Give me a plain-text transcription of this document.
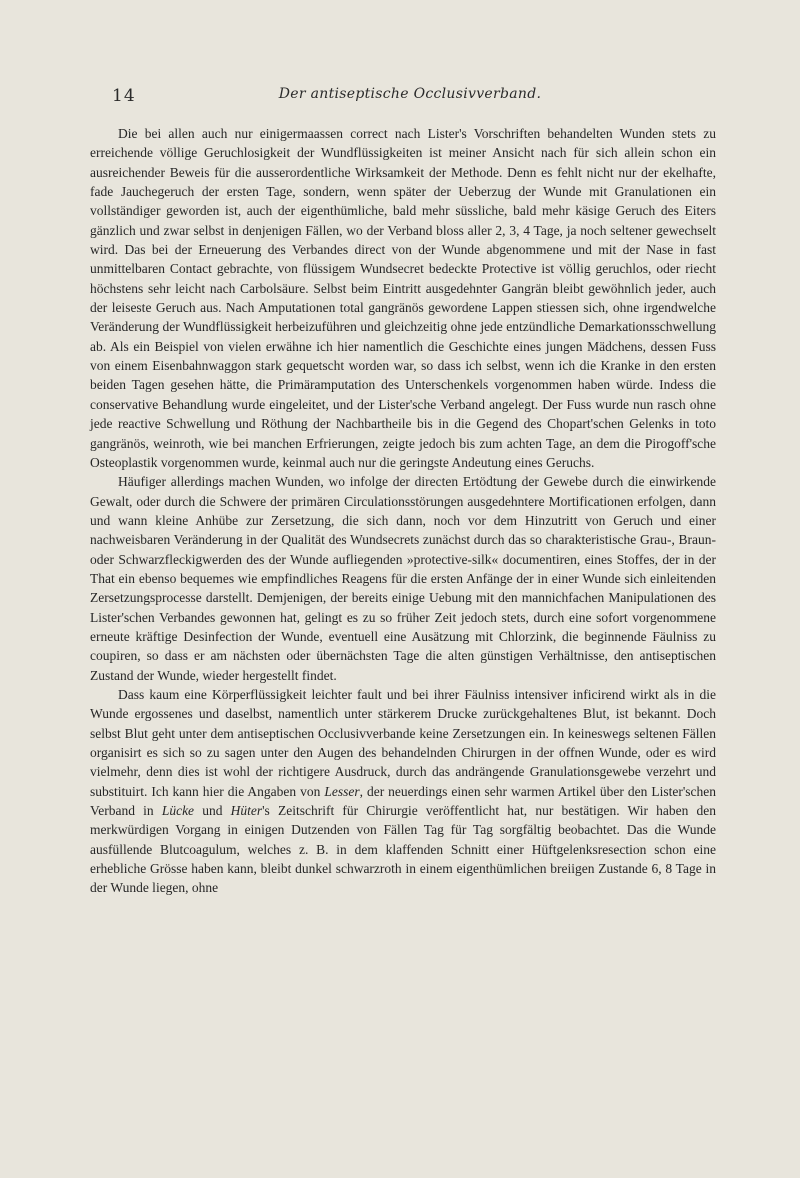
14	Der antiseptische Occlusivverband.

Die bei allen auch nur einigermaassen correct nach Lister's Vorschriften behandelten Wunden stets zu erreichende völlige Geruchlosigkeit der Wundflüssigkeiten ist meiner Ansicht nach für sich allein schon ein ausreichender Beweis für die ausserordentliche Wirksamkeit der Methode. Denn es fehlt nicht nur der ekelhafte, fade Jauchegeruch der ersten Tage, sondern, wenn später der Ueberzug der Wunde mit Granulationen ein vollständiger geworden ist, auch der eigenthümliche, bald mehr süssliche, bald mehr käsige Geruch des Eiters gänzlich und zwar selbst in denjenigen Fällen, wo der Verband bloss aller 2, 3, 4 Tage, ja noch seltener gewechselt wird. Das bei der Erneuerung des Verbandes direct von der Wunde abgenommene und mit der Nase in fast unmittelbaren Contact gebrachte, von flüssigem Wundsecret bedeckte Protective ist völlig geruchlos, oder riecht höchstens sehr leicht nach Carbolsäure. Selbst beim Eintritt ausgedehnter Gangrän bleibt gewöhnlich jeder, auch der leiseste Geruch aus. Nach Amputationen total gangränös gewordene Lappen stiessen sich, ohne irgendwelche Veränderung der Wundflüssigkeit herbeizuführen und gleichzeitig ohne jede entzündliche Demarkationsschwellung ab. Als ein Beispiel von vielen erwähne ich hier namentlich die Geschichte eines jungen Mädchens, dessen Fuss von einem Eisenbahnwaggon stark gequetscht worden war, so dass ich selbst, wenn ich die Kranke in den ersten beiden Tagen gesehen hätte, die Primäramputation des Unterschenkels vorgenommen haben würde. Indess die conservative Behandlung wurde eingeleitet, und der Lister'sche Verband angelegt. Der Fuss wurde nun rasch ohne jede reactive Schwellung und Röthung der Nachbartheile bis in die Gegend des Chopart'schen Gelenks in toto gangränös, weinroth, wie bei manchen Erfrierungen, zeigte jedoch bis zum achten Tage, an dem die Pirogoff'sche Osteoplastik vorgenommen wurde, keinmal auch nur die geringste Andeutung eines Geruchs.

Häufiger allerdings machen Wunden, wo infolge der directen Ertödtung der Gewebe durch die einwirkende Gewalt, oder durch die Schwere der primären Circulationsstörungen ausgedehntere Mortificationen erfolgen, dann und wann kleine Anhübe zur Zersetzung, die sich dann, noch vor dem Hinzutritt von Geruch und einer nachweisbaren Veränderung in der Qualität des Wundsecrets zunächst durch das so charakteristische Grau-, Braun- oder Schwarzfleckigwerden des der Wunde aufliegenden »protective-silk« documentiren, eines Stoffes, der in der That ein ebenso bequemes wie empfindliches Reagens für die ersten Anfänge der in einer Wunde sich einleitenden Zersetzungsprocesse darstellt. Demjenigen, der bereits einige Uebung mit den mannichfachen Manipulationen des Lister'schen Verbandes gewonnen hat, gelingt es zu so früher Zeit jedoch stets, durch eine sofort vorgenommene erneute kräftige Desinfection der Wunde, eventuell eine Ausätzung mit Chlorzink, die beginnende Fäulniss zu coupiren, so dass er am nächsten oder übernächsten Tage die alten günstigen Verhältnisse, den antiseptischen Zustand der Wunde, wieder hergestellt findet.

Dass kaum eine Körperflüssigkeit leichter fault und bei ihrer Fäulniss intensiver inficirend wirkt als in die Wunde ergossenes und daselbst, namentlich unter stärkerem Drucke zurückgehaltenes Blut, ist bekannt. Doch selbst Blut geht unter dem antiseptischen Occlusivverbande keine Zersetzungen ein. In keineswegs seltenen Fällen organisirt es sich so zu sagen unter den Augen des behandelnden Chirurgen in der offnen Wunde, oder es wird vielmehr, denn dies ist wohl der richtigere Ausdruck, durch das andrängende Granulationsgewebe verzehrt und substituirt. Ich kann hier die Angaben von Lesser, der neuerdings einen sehr warmen Artikel über den Lister'schen Verband in Lücke und Hüter's Zeitschrift für Chirurgie veröffentlicht hat, nur bestätigen. Wir haben den merkwürdigen Vorgang in einigen Dutzenden von Fällen Tag für Tag sorgfältig beobachtet. Das die Wunde ausfüllende Blutcoagulum, welches z. B. in dem klaffenden Schnitt einer Hüftgelenksresection schon eine erhebliche Grösse haben kann, bleibt dunkel schwarzroth in einem eigenthümlichen breiigen Zustande 6, 8 Tage in der Wunde liegen, ohne
